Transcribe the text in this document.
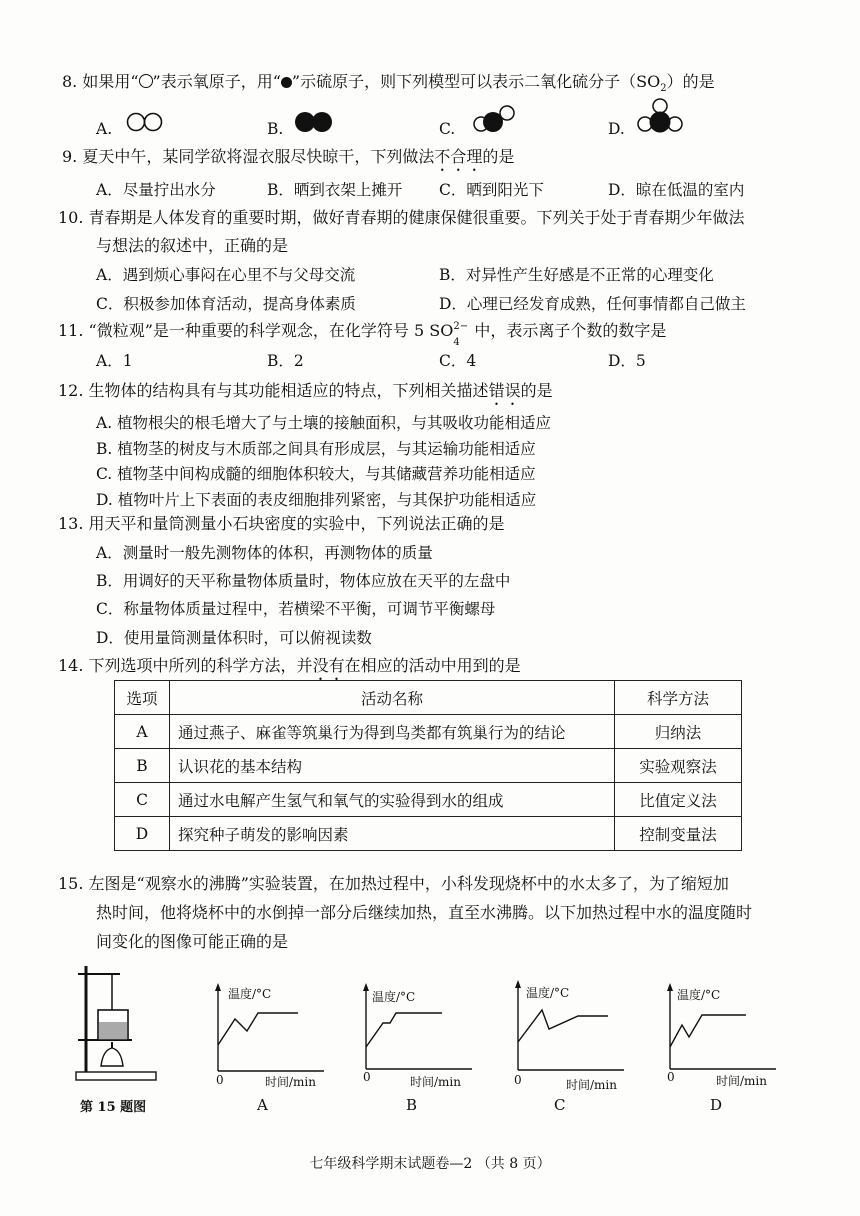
8. 如果用“ ”表示氧原子，用“ ”示硫原子，则下列模型可以表示二氧化硫分子$(SO_2)$的是
A.	B.	C.	D.
9. 夏天中午，某同学欲将湿衣服尽快晾干，下列做法不合理的是
A．尽量拧出水分	B．晒到衣架上摊开 C．晒到阳光下	D．晾在低温的室内
10. 青春期是人体发育的重要时期，做好青春期的健康保健很重要。下列关于处于青春期少年做法
与想法的叙述中，正确的是
A．遇到烦心事闷在心里不与父母交流	B．对异性产生好感是不正常的心理变化
C．积极参加体育活动，提高身体素质	D．心理已经发育成熟，任何事情都自己做主
11. “微粒观”是一种重要的科学观念，在化学符号 5 SO 2−
4
中，表示离子个数的数字是
A．1	B．2	C．4	D．5
12. 生物体的结构具有与其功能相适应的特点，下列相关描述错误的是
A. 植物根尖的根毛增大了与土壤的接触面积，与其吸收功能相适应
B. 植物茎的树皮与木质部之间具有形成层，与其运输功能相适应
C. 植物茎中间构成髓的细胞体积较大，与其储藏营养功能相适应
D. 植物叶片上下表面的表皮细胞排列紧密，与其保护功能相适应
13. 用天平和量筒测量小石块密度的实验中，下列说法正确的是
A．测量时一般先测物体的体积，再测物体的质量
B．用调好的天平称量物体质量时，物体应放在天平的左盘中
C．称量物体质量过程中，若横梁不平衡，可调节平衡螺母
D．使用量筒测量体积时，可以俯视读数
14. 下列选项中所列的科学方法，并没有在相应的活动中用到的是
选项	活动名称	科学方法
A	通过燕子、麻雀等筑巢行为得到鸟类都有筑巢行为的结论	归纳法
B	认识花的基本结构	实验观察法
C	通过水电解产生氢气和氧气的实验得到水的组成	比值定义法
D	探究种子萌发的影响因素	控制变量法
15. 左图是“观察水的沸腾”实验装置，在加热过程中，小科发现烧杯中的水太多了，为了缩短加
热时间，他将烧杯中的水倒掉一部分后继续加热，直至水沸腾。以下加热过程中水的温度随时
间变化的图像可能正确的是
第 15 题图
温度/°C
0	时间/min
A
温度/°C
0	时间/min
B
温度/°C
0	时间/min
C
温度/°C
0	时间/min
D
七年级科学期末试题卷—2 （共 8 页）
